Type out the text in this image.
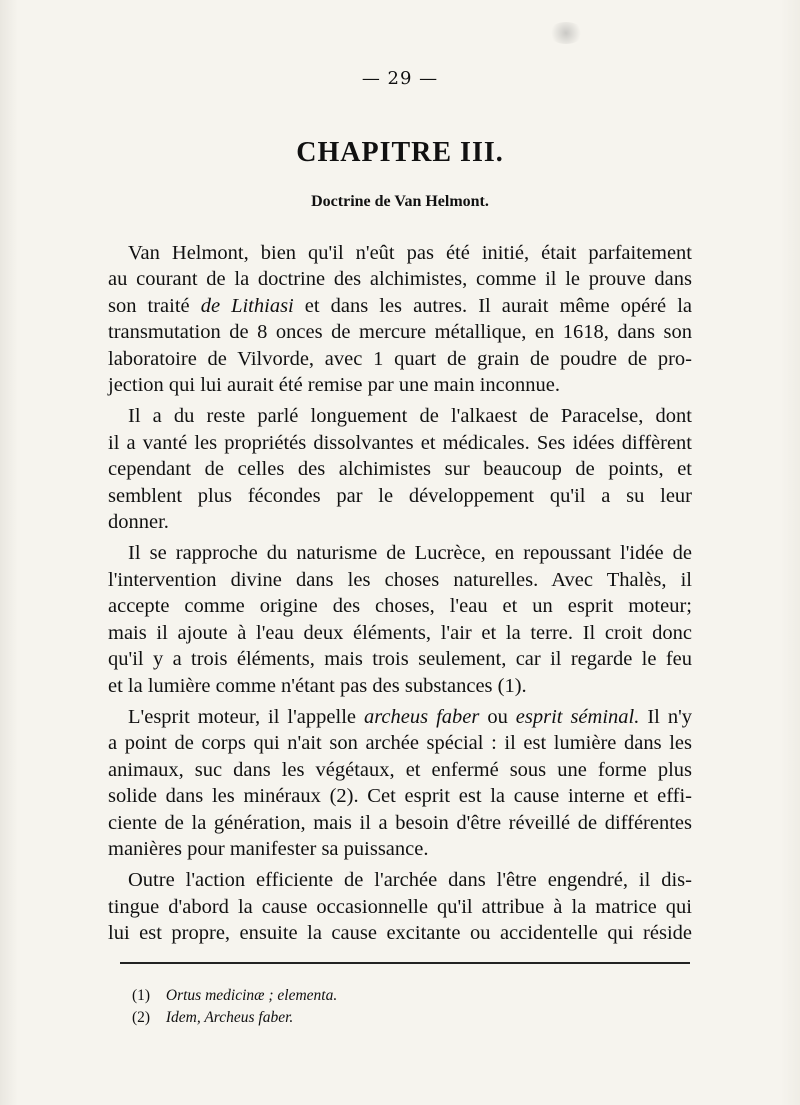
— 29 —
CHAPITRE III.
Doctrine de Van Helmont.
Van Helmont, bien qu'il n'eût pas été initié, était parfaitement
au courant de la doctrine des alchimistes, comme il le prouve dans
son traité de Lithiasi et dans les autres. Il aurait même opéré la
transmutation de 8 onces de mercure métallique, en 1618, dans son
laboratoire de Vilvorde, avec 1 quart de grain de poudre de pro-
jection qui lui aurait été remise par une main inconnue.
Il a du reste parlé longuement de l'alkaest de Paracelse, dont
il a vanté les propriétés dissolvantes et médicales. Ses idées diffèrent
cependant de celles des alchimistes sur beaucoup de points, et
semblent plus fécondes par le développement qu'il a su leur
donner.
Il se rapproche du naturisme de Lucrèce, en repoussant l'idée de
l'intervention divine dans les choses naturelles. Avec Thalès, il
accepte comme origine des choses, l'eau et un esprit moteur;
mais il ajoute à l'eau deux éléments, l'air et la terre. Il croit donc
qu'il y a trois éléments, mais trois seulement, car il regarde le feu
et la lumière comme n'étant pas des substances (1).
L'esprit moteur, il l'appelle archeus faber ou esprit séminal. Il n'y
a point de corps qui n'ait son archée spécial : il est lumière dans les
animaux, suc dans les végétaux, et enfermé sous une forme plus
solide dans les minéraux (2). Cet esprit est la cause interne et effi-
ciente de la génération, mais il a besoin d'être réveillé de différentes
manières pour manifester sa puissance.
Outre l'action efficiente de l'archée dans l'être engendré, il dis-
tingue d'abord la cause occasionnelle qu'il attribue à la matrice qui
lui est propre, ensuite la cause excitante ou accidentelle qui réside
(1) Ortus medicinæ ; elementa.
(2) Idem, Archeus faber.
